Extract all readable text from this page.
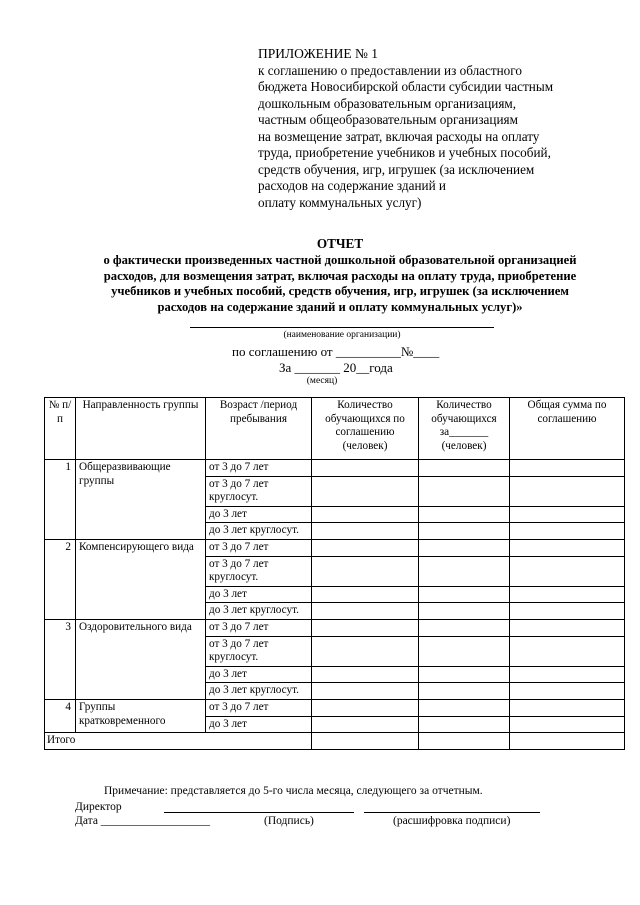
ПРИЛОЖЕНИЕ № 1
к соглашению о предоставлении из областного
бюджета Новосибирской области субсидии частным
дошкольным образовательным организациям,
частным общеобразовательным организациям
на возмещение затрат, включая расходы на оплату
труда, приобретение учебников и учебных пособий,
средств обучения, игр, игрушек (за исключением
расходов на содержание зданий и
оплату коммунальных услуг)
ОТЧЕТ
о фактически произведенных частной дошкольной образовательной организацией
расходов, для возмещения затрат, включая расходы на оплату труда, приобретение
учебников и учебных пособий, средств обучения, игр, игрушек (за исключением
расходов на содержание зданий и оплату коммунальных услуг)»
(наименование организации)
по соглашению от __________№____
За _______ 20__года
(месяц)
№ п/п	Направленность группы	Возраст /период пребывания	Количество обучающихся по соглашению (человек)	Количество обучающихся за_______ (человек)	Общая сумма по соглашению
1	Общеразвивающие группы	от 3 до 7 лет			
		от 3 до 7 лет круглосут.			
		до 3 лет			
		до 3 лет круглосут.			
2	Компенсирующего вида	от 3 до 7 лет			
		от 3 до 7 лет круглосут.			
		до 3 лет			
		до 3 лет круглосут.			
3	Оздоровительного вида	от 3 до 7 лет			
		от 3 до 7 лет круглосут.			
		до 3 лет			
		до 3 лет круглосут.			
4	Группы кратковременного	от 3 до 7 лет			
		до 3 лет			
Итого					
Примечание: представляется до 5-го числа месяца, следующего за отчетным.
Директор
Дата ___________________	(Подпись)	(расшифровка подписи)
